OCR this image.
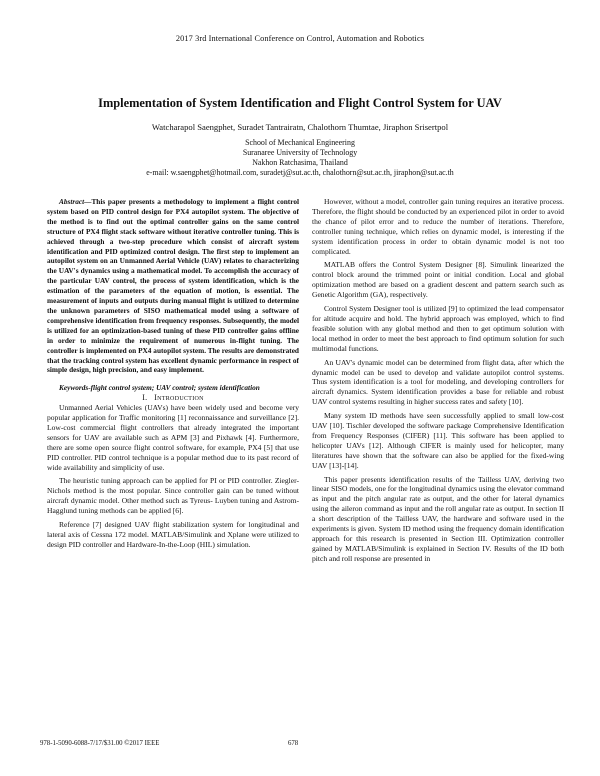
2017 3rd International Conference on Control, Automation and Robotics
Implementation of System Identification and Flight Control System for UAV
Watcharapol Saengphet, Suradet Tantrairatn, Chalothorn Thumtae, Jiraphon Srisertpol
School of Mechanical Engineering
Suranaree University of Technology
Nakhon Ratchasima, Thailand
e-mail: w.saengphet@hotmail.com, suradetj@sut.ac.th, chalothorn@sut.ac.th, jiraphon@sut.ac.th

Abstract—This paper presents a methodology to implement a flight control system based on PID control design for PX4 autopilot system. The objective of the method is to find out the optimal controller gains on the same control structure of PX4 flight stack software without iterative controller tuning. This is achieved through a two-step procedure which consist of aircraft system identification and PID optimized control design. The first step to implement an autopilot system on an Unmanned Aerial Vehicle (UAV) relates to characterizing the UAV's dynamics using a mathematical model. To accomplish the accuracy of the particular UAV control, the process of system identification, which is the estimation of the parameters of the equation of motion, is essential. The measurement of inputs and outputs during manual flight is utilized to determine the unknown parameters of SISO mathematical model using a software of comprehensive identification from frequency responses. Subsequently, the model is utilized for an optimization-based tuning of these PID controller gains offline in order to minimize the requirement of numerous in-flight tuning. The controller is implemented on PX4 autopilot system. The results are demonstrated that the tracking control system has excellent dynamic performance in respect of simple design, high precision, and easy implement.

Keywords-flight control system; UAV control; system identification

I. Introduction

Unmanned Aerial Vehicles (UAVs) have been widely used and become very popular application for Traffic monitoring [1] reconnaissance and surveillance [2]. Low-cost commercial flight controllers that already integrated the important sensors for UAV are available such as APM [3] and Pixhawk [4]. Furthermore, there are some open source flight control software, for example, PX4 [5] that use PID controller. PID control technique is a popular method due to its past record of wide availability and simplicity of use.

The heuristic tuning approach can be applied for PI or PID controller. Ziegler-Nichols method is the most popular. Since controller gain can be tuned without aircraft dynamic model. Other method such as Tyreus- Luyben tuning and Astrom-Hagglund tuning methods can be applied [6].

Reference [7] designed UAV flight stabilization system for longitudinal and lateral axis of Cessna 172 model. MATLAB/Simulink and Xplane were utilized to design PID controller and Hardware-In-the-Loop (HIL) simulation.

However, without a model, controller gain tuning requires an iterative process. Therefore, the flight should be conducted by an experienced pilot in order to avoid the chance of pilot error and to reduce the number of iterations. Therefore, controller tuning technique, which relies on dynamic model, is interesting if the system identification process in order to obtain dynamic model is not too complicated.

MATLAB offers the Control System Designer [8]. Simulink linearized the control block around the trimmed point or initial condition. Local and global optimization method are based on a gradient descent and pattern search such as Genetic Algorithm (GA), respectively.

Control System Designer tool is utilized [9] to optimized the lead compensator for altitude acquire and hold. The hybrid approach was employed, which to find feasible solution with any global method and then to get optimum solution with local method in order to meet the best approach to find optimum solution for such multimodal functions.

An UAV's dynamic model can be determined from flight data, after which the dynamic model can be used to develop and validate autopilot control systems. Thus system identification is a tool for modeling, and developing controllers for aircraft dynamics. System identification provides a base for reliable and robust UAV control systems resulting in higher success rates and safety [10].

Many system ID methods have seen successfully applied to small low-cost UAV [10]. Tischler developed the software package Comprehensive Identification from Frequency Responses (CIFER) [11]. This software has been applied to helicopter UAVs [12]. Although CIFER is mainly used for helicopter, many literatures have shown that the software can also be applied for the fixed-wing UAV [13]-[14].

This paper presents identification results of the Tailless UAV, deriving two linear SISO models, one for the longitudinal dynamics using the elevator command as input and the pitch angular rate as output, and the other for lateral dynamics using the aileron command as input and the roll angular rate as output. In section II a short description of the Tailless UAV, the hardware and software used in the experiments is given. System ID method using the frequency domain identification approach for this research is presented in Section III. Optimization controller gained by MATLAB/Simulink is explained in Section IV. Results of the ID both pitch and roll response are presented in

978-1-5090-6088-7/17/$31.00 ©2017 IEEE	678
